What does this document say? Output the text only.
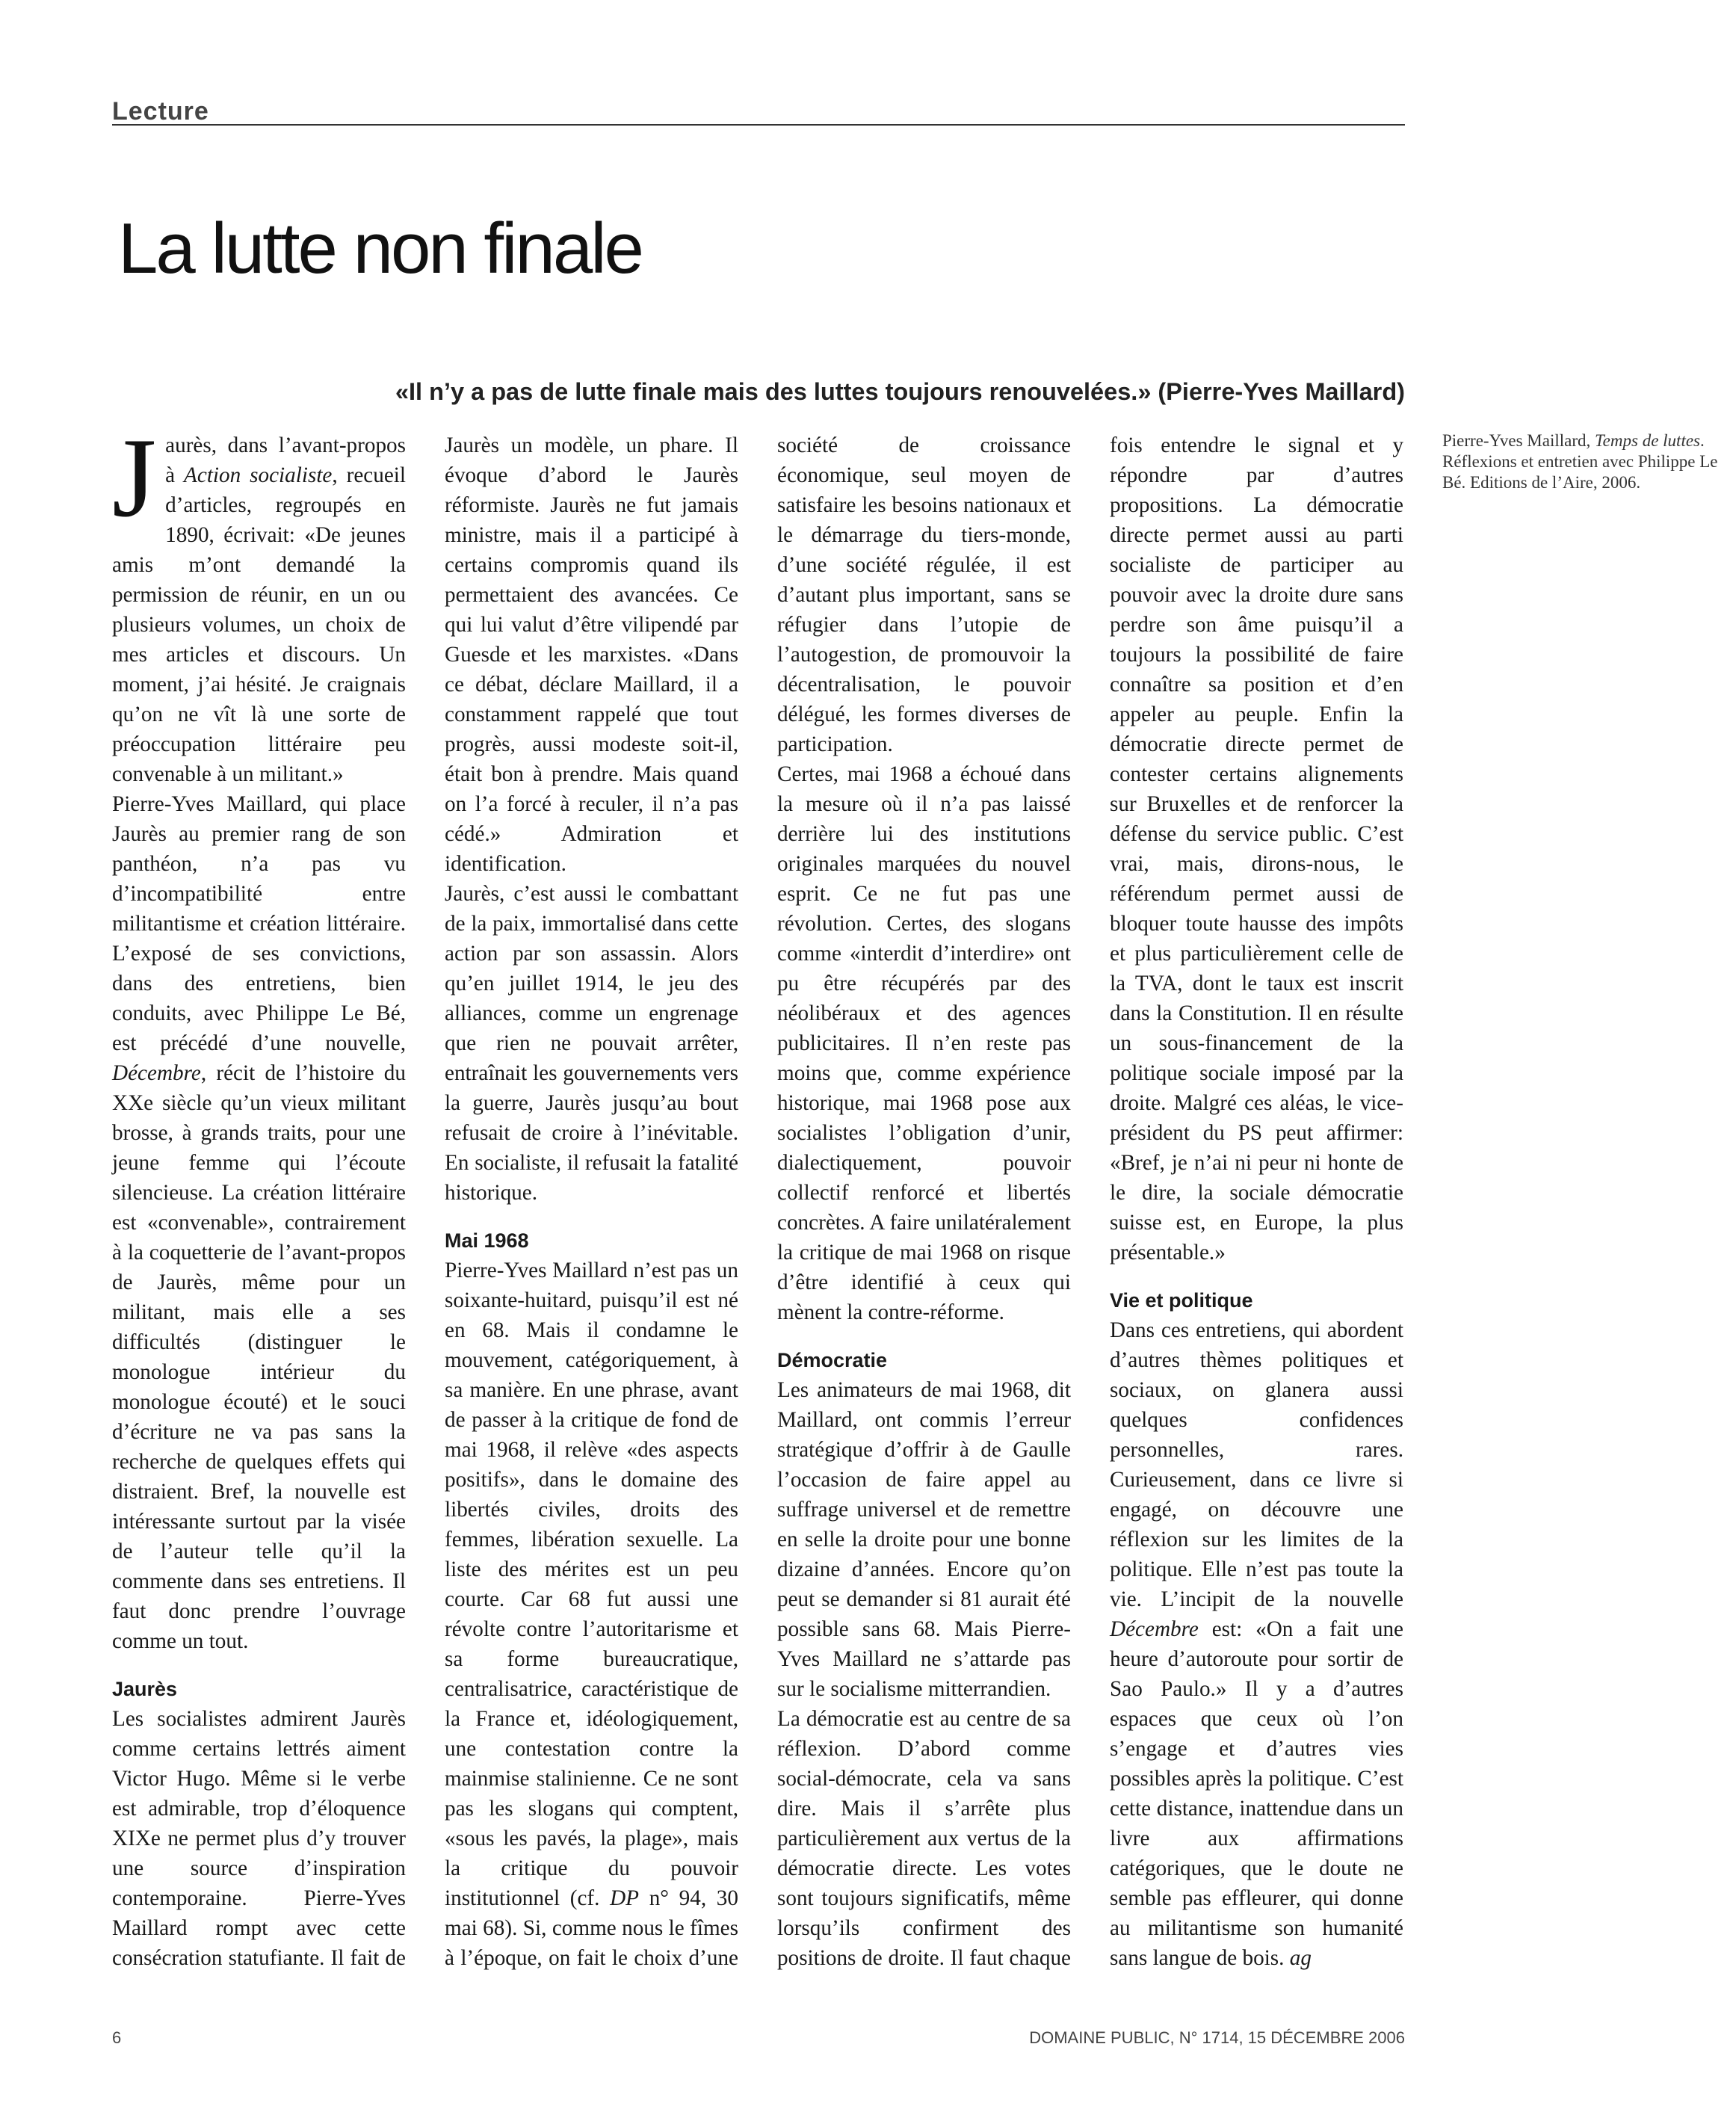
Lecture
La lutte non finale
«Il n’y a pas de lutte finale mais des luttes toujours renouvelées.» (Pierre-Yves Maillard)

Jaurès, dans l’avant-propos à Action socialiste, recueil d’articles, regroupés en 1890, écrivait: «De jeunes amis m’ont demandé la permission de réunir, en un ou plusieurs volumes, un choix de mes articles et discours. Un moment, j’ai hésité. Je craignais qu’on ne vît là une sorte de préoccupation littéraire peu convenable à un militant.»

Pierre-Yves Maillard, qui place Jaurès au premier rang de son panthéon, n’a pas vu d’incompatibilité entre militantisme et création littéraire. L’exposé de ses convictions, dans des entretiens, bien conduits, avec Philippe Le Bé, est précédé d’une nouvelle, Décembre, récit de l’histoire du XXe siècle qu’un vieux militant brosse, à grands traits, pour une jeune femme qui l’écoute silencieuse. La création littéraire est «convenable», contrairement à la coquetterie de l’avant-propos de Jaurès, même pour un militant, mais elle a ses difficultés (distinguer le monologue intérieur du monologue écouté) et le souci d’écriture ne va pas sans la recherche de quelques effets qui distraient. Bref, la nouvelle est intéressante surtout par la visée de l’auteur telle qu’il la commente dans ses entretiens. Il faut donc prendre l’ouvrage comme un tout.

Jaurès

Les socialistes admirent Jaurès comme certains lettrés aiment Victor Hugo. Même si le verbe est admirable, trop d’éloquence XIXe ne permet plus d’y trouver une source d’inspiration contemporaine. Pierre-Yves Maillard rompt avec cette consécration statufiante. Il fait de Jaurès un modèle, un phare. Il évoque d’abord le Jaurès réformiste. Jaurès ne fut jamais ministre, mais il a participé à certains compromis quand ils permettaient des avancées. Ce qui lui valut d’être vilipendé par Guesde et les marxistes. «Dans ce débat, déclare Maillard, il a constamment rappelé que tout progrès, aussi modeste soit-il, était bon à prendre. Mais quand on l’a forcé à reculer, il n’a pas cédé.» Admiration et identification.

Jaurès, c’est aussi le combattant de la paix, immortalisé dans cette action par son assassin. Alors qu’en juillet 1914, le jeu des alliances, comme un engrenage que rien ne pouvait arrêter, entraînait les gouvernements vers la guerre, Jaurès jusqu’au bout refusait de croire à l’inévitable. En socialiste, il refusait la fatalité historique.

Mai 1968

Pierre-Yves Maillard n’est pas un soixante-huitard, puisqu’il est né en 68. Mais il condamne le mouvement, catégoriquement, à sa manière. En une phrase, avant de passer à la critique de fond de mai 1968, il relève «des aspects positifs», dans le domaine des libertés civiles, droits des femmes, libération sexuelle. La liste des mérites est un peu courte. Car 68 fut aussi une révolte contre l’autoritarisme et sa forme bureaucratique, centralisatrice, caractéristique de la France et, idéologiquement, une contestation contre la mainmise stalinienne. Ce ne sont pas les slogans qui comptent, «sous les pavés, la plage», mais la critique du pouvoir institutionnel (cf. DP n° 94, 30 mai 68). Si, comme nous le fîmes à l’époque, on fait le choix d’une société de croissance économique, seul moyen de satisfaire les besoins nationaux et le démarrage du tiers-monde, d’une société régulée, il est d’autant plus important, sans se réfugier dans l’utopie de l’autogestion, de promouvoir la décentralisation, le pouvoir délégué, les formes diverses de participation.

Certes, mai 1968 a échoué dans la mesure où il n’a pas laissé derrière lui des institutions originales marquées du nouvel esprit. Ce ne fut pas une révolution. Certes, des slogans comme «interdit d’interdire» ont pu être récupérés par des néolibéraux et des agences publicitaires. Il n’en reste pas moins que, comme expérience historique, mai 1968 pose aux socialistes l’obligation d’unir, dialectiquement, pouvoir collectif renforcé et libertés concrètes. A faire unilatéralement la critique de mai 1968 on risque d’être identifié à ceux qui mènent la contre-réforme.

Démocratie

Les animateurs de mai 1968, dit Maillard, ont commis l’erreur stratégique d’offrir à de Gaulle l’occasion de faire appel au suffrage universel et de remettre en selle la droite pour une bonne dizaine d’années. Encore qu’on peut se demander si 81 aurait été possible sans 68. Mais Pierre-Yves Maillard ne s’attarde pas sur le socialisme mitterrandien.

La démocratie est au centre de sa réflexion. D’abord comme social-démocrate, cela va sans dire. Mais il s’arrête plus particulièrement aux vertus de la démocratie directe. Les votes sont toujours significatifs, même lorsqu’ils confirment des positions de droite. Il faut chaque fois entendre le signal et y répondre par d’autres propositions. La démocratie directe permet aussi au parti socialiste de participer au pouvoir avec la droite dure sans perdre son âme puisqu’il a toujours la possibilité de faire connaître sa position et d’en appeler au peuple. Enfin la démocratie directe permet de contester certains alignements sur Bruxelles et de renforcer la défense du service public. C’est vrai, mais, dirons-nous, le référendum permet aussi de bloquer toute hausse des impôts et plus particulièrement celle de la TVA, dont le taux est inscrit dans la Constitution. Il en résulte un sous-financement de la politique sociale imposé par la droite. Malgré ces aléas, le vice-président du PS peut affirmer: «Bref, je n’ai ni peur ni honte de le dire, la sociale démocratie suisse est, en Europe, la plus présentable.»

Vie et politique

Dans ces entretiens, qui abordent d’autres thèmes politiques et sociaux, on glanera aussi quelques confidences personnelles, rares. Curieusement, dans ce livre si engagé, on découvre une réflexion sur les limites de la politique. Elle n’est pas toute la vie. L’incipit de la nouvelle Décembre est: «On a fait une heure d’autoroute pour sortir de Sao Paulo.» Il y a d’autres espaces que ceux où l’on s’engage et d’autres vies possibles après la politique. C’est cette distance, inattendue dans un livre aux affirmations catégoriques, que le doute ne semble pas effleurer, qui donne au militantisme son humanité sans langue de bois. ag

Pierre-Yves Maillard, Temps de luttes. Réflexions et entretien avec Philippe Le Bé. Editions de l’Aire, 2006.

6	DOMAINE PUBLIC, N° 1714, 15 DÉCEMBRE 2006
